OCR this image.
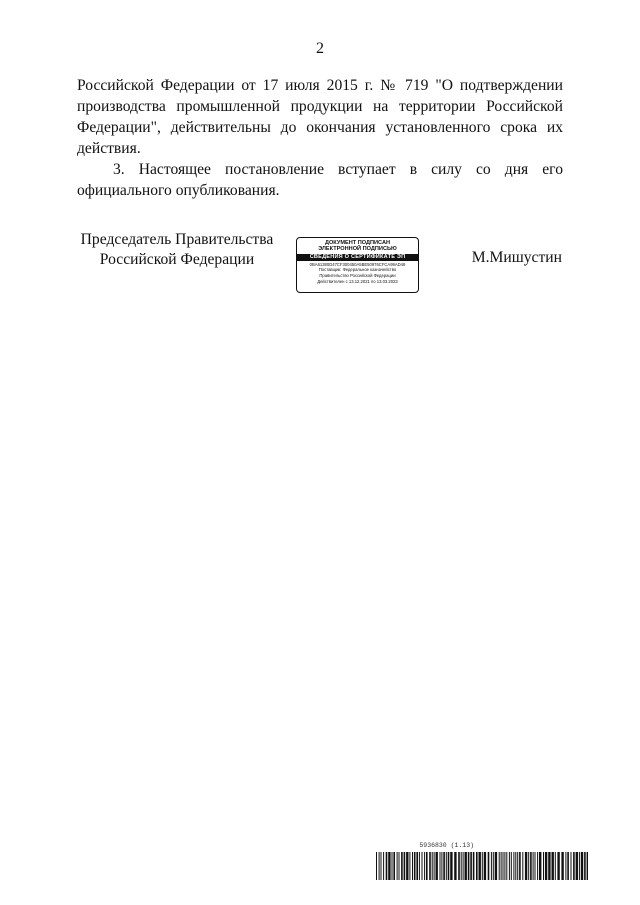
2

Российской Федерации от 17 июля 2015 г. № 719 "О подтверждении производства промышленной продукции на территории Российской Федерации", действительны до окончания установленного срока их действия.

3. Настоящее постановление вступает в силу со дня его официального опубликования.

Председатель Правительства
Российской Федерации
ДОКУМЕНТ ПОДПИСАН
ЭЛЕКТРОННОЙ ПОДПИСЬЮ
СВЕДЕНИЯ О СЕРТИФИКАТЕ ЭП
0BA61380D47CF300450A5BE50976CFCA99AD46
Поставщик: Федеральное казначейство
Правительство Российской Федерации
Действителен с 13.12.2021 по 13.03.2023
М.Мишустин
5936830 (1.13)
